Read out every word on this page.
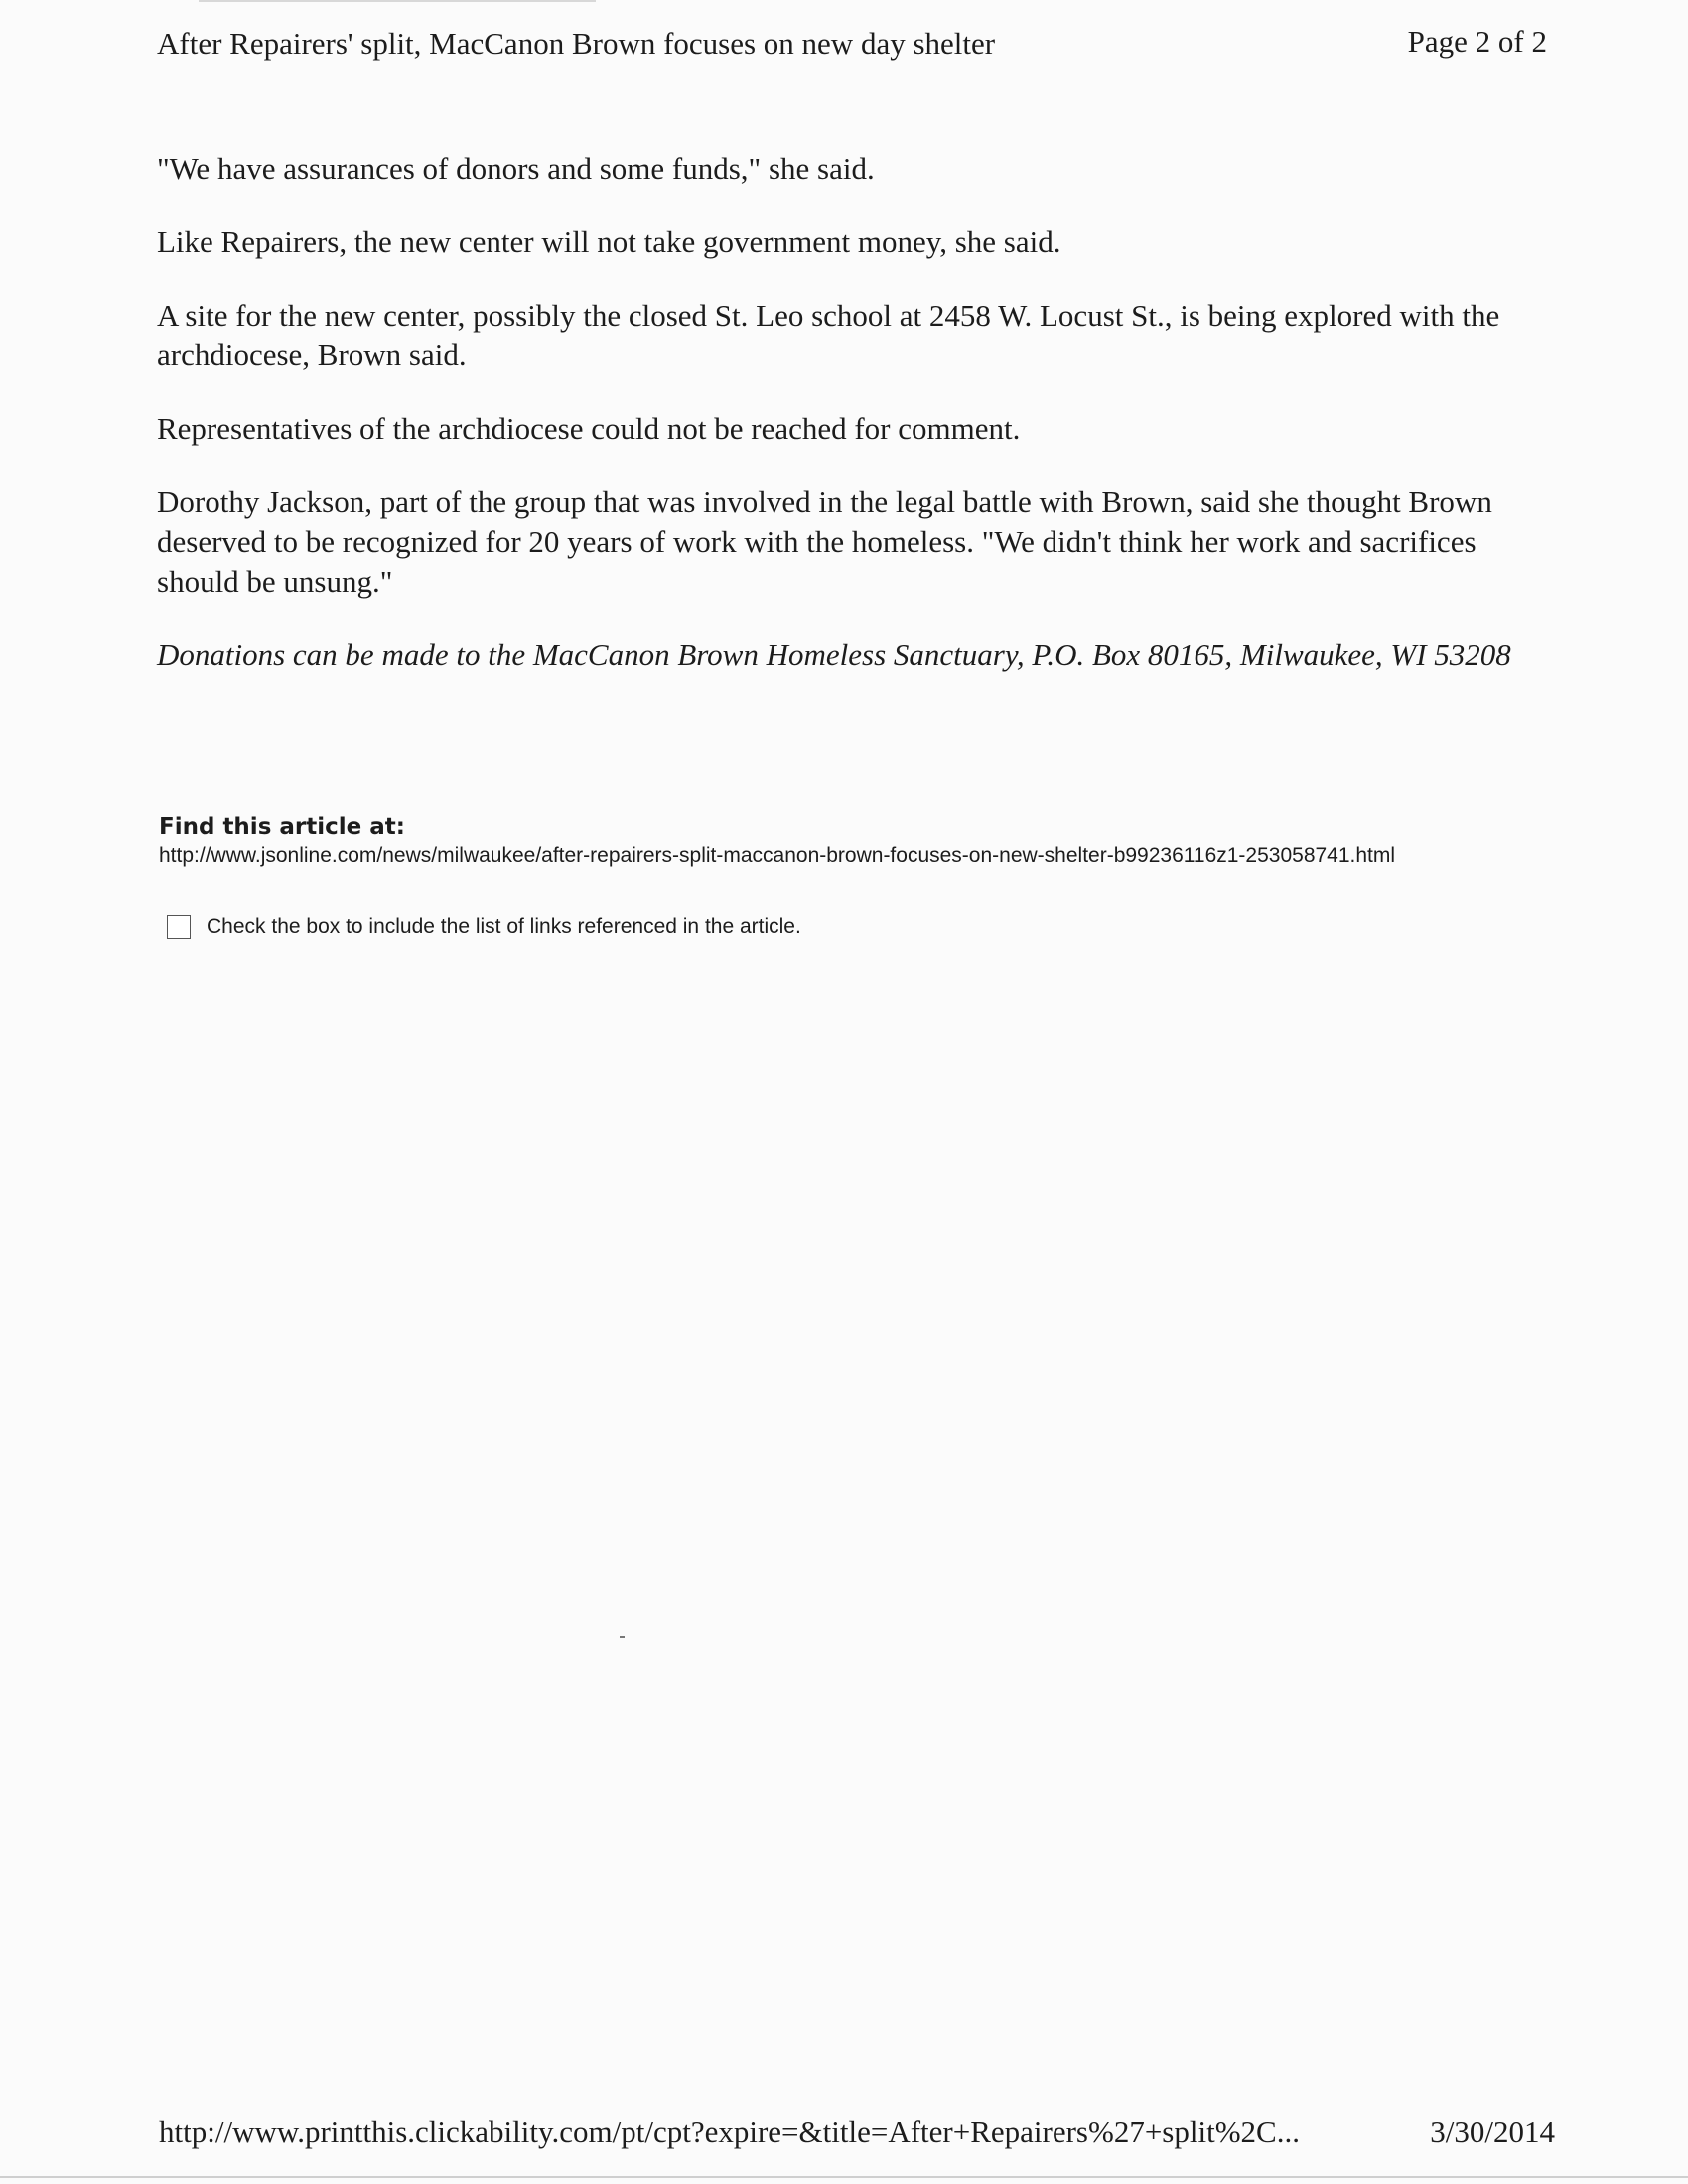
After Repairers' split, MacCanon Brown focuses on new day shelter	Page 2 of 2

"We have assurances of donors and some funds," she said.

Like Repairers, the new center will not take government money, she said.

A site for the new center, possibly the closed St. Leo school at 2458 W. Locust St., is being explored with the archdiocese, Brown said.

Representatives of the archdiocese could not be reached for comment.

Dorothy Jackson, part of the group that was involved in the legal battle with Brown, said she thought Brown deserved to be recognized for 20 years of work with the homeless. "We didn't think her work and sacrifices should be unsung."

Donations can be made to the MacCanon Brown Homeless Sanctuary, P.O. Box 80165, Milwaukee, WI 53208

Find this article at:
http://www.jsonline.com/news/milwaukee/after-repairers-split-maccanon-brown-focuses-on-new-shelter-b99236116z1-253058741.html
Check the box to include the list of links referenced in the article.
http://www.printthis.clickability.com/pt/cpt?expire=&title=After+Repairers%27+split%2C...	3/30/2014
